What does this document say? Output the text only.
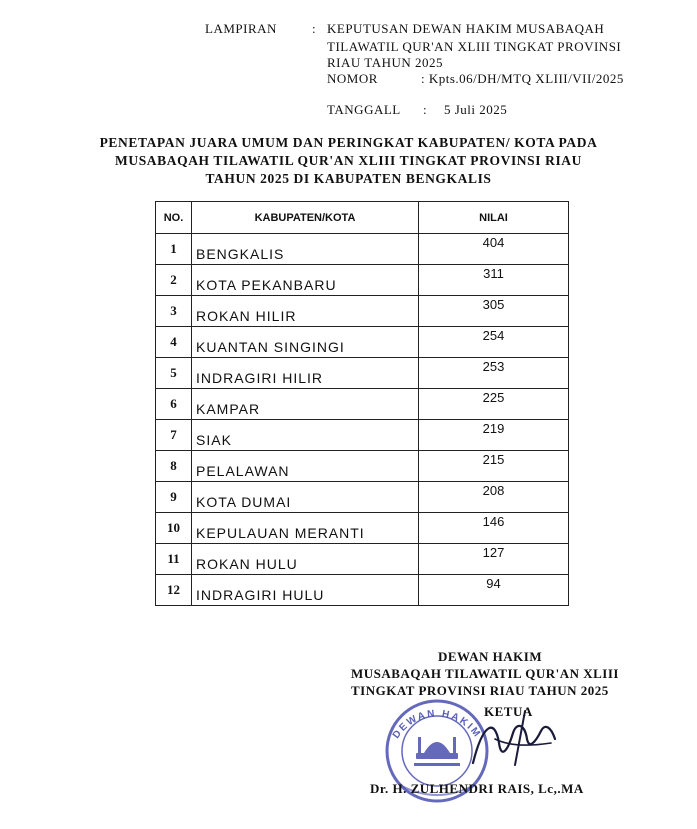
LAMPIRAN	: KEPUTUSAN DEWAN HAKIM MUSABAQAH
TILAWATIL QUR'AN XLIII TINGKAT PROVINSI
RIAU TAHUN 2025
NOMOR	: Kpts.06/DH/MTQ XLIII/VII/2025
TANGGALL : 5 Juli 2025
PENETAPAN JUARA UMUM DAN PERINGKAT KABUPATEN/ KOTA PADA
MUSABAQAH TILAWATIL QUR'AN XLIII TINGKAT PROVINSI RIAU
TAHUN 2025 DI KABUPATEN BENGKALIS
NO.	KABUPATEN/KOTA	NILAI
1	BENGKALIS	404
2	KOTA PEKANBARU	311
3	ROKAN HILIR	305
4	KUANTAN SINGINGI	254
5	INDRAGIRI HILIR	253
6	KAMPAR	225
7	SIAK	219
8	PELALAWAN	215
9	KOTA DUMAI	208
10	KEPULAUAN MERANTI	146
11	ROKAN HULU	127
12	INDRAGIRI HULU	94
DEWAN HAKIM
MUSABAQAH TILAWATIL QUR'AN XLIII
TINGKAT PROVINSI RIAU TAHUN 2025
DEWAN HAKIM
KETUA
Dr. H. ZULHENDRI RAIS, Lc,.MA
